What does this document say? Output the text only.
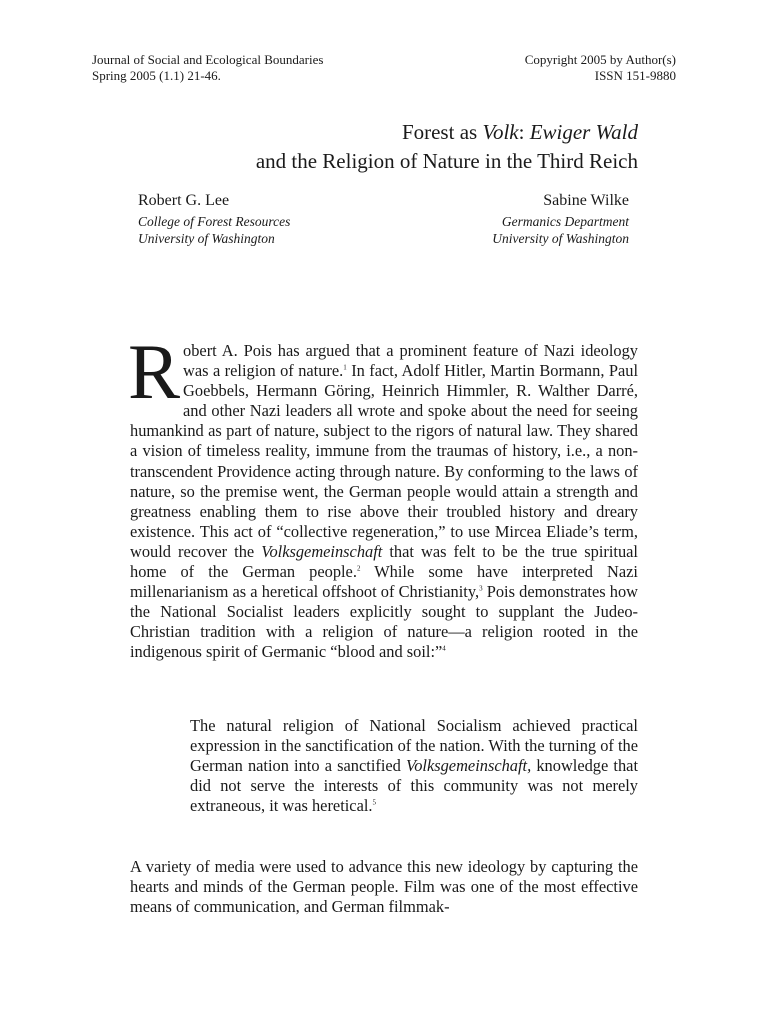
Journal of Social and Ecological Boundaries
Spring 2005 (1.1) 21-46.
Copyright 2005 by Author(s)
ISSN 151-9880
Forest as Volk: Ewiger Wald
and the Religion of Nature in the Third Reich
Robert G. Lee
College of Forest Resources
University of Washington
Sabine Wilke
Germanics Department
University of Washington

Robert A. Pois has argued that a prominent feature of Nazi ideology was a religion of nature.$^1$ In fact, Adolf Hitler, Martin Bormann, Paul Goebbels, Hermann Göring, Heinrich Himmler, R. Walther Darré, and other Nazi leaders all wrote and spoke about the need for seeing humankind as part of nature, subject to the rigors of natural law. They shared a vision of timeless reality, immune from the traumas of history, i.e., a non-transcendent Providence acting through nature. By conforming to the laws of nature, so the premise went, the German people would attain a strength and greatness enabling them to rise above their troubled history and dreary existence. This act of “collective regeneration,” to use Mircea Eliade’s term, would recover the Volksgemeinschaft that was felt to be the true spiritual home of the German people.$^2$ While some have interpreted Nazi millenarianism as a heretical offshoot of Christianity,$^3$ Pois demonstrates how the National Socialist leaders explicitly sought to supplant the Judeo-Christian tradition with a religion of nature—a religion rooted in the indigenous spirit of Germanic “blood and soil:”$^4$

The natural religion of National Socialism achieved practical expression in the sanctification of the nation. With the turning of the German nation into a sanctified Volksgemeinschaft, knowledge that did not serve the interests of this community was not merely extraneous, it was heretical.$^5$

A variety of media were used to advance this new ideology by capturing the hearts and minds of the German people. Film was one of the most effective means of communication, and German filmmak-
